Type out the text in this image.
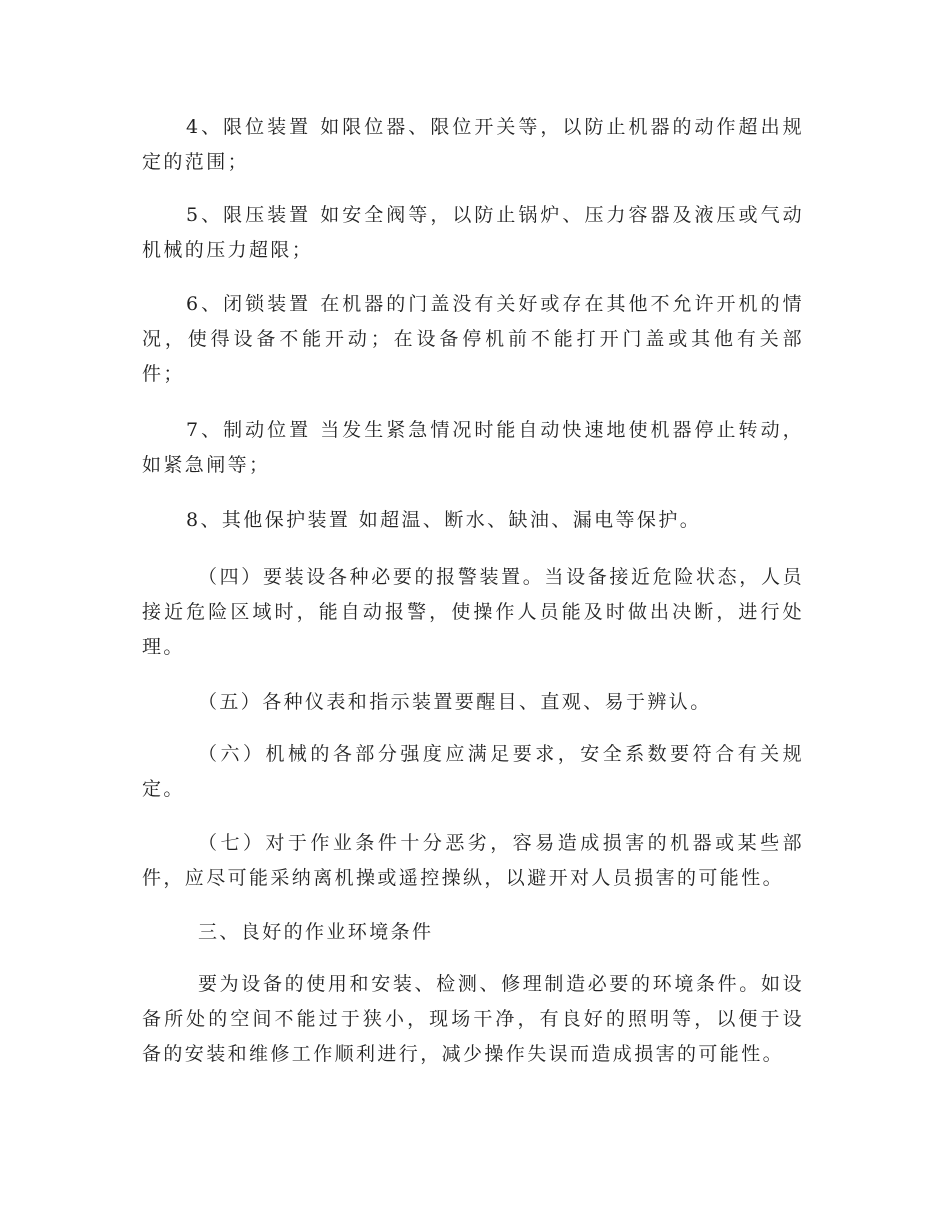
4、限位装置 如限位器、限位开关等，以防止机器的动作超出规定的范围；

5、限压装置 如安全阀等，以防止锅炉、压力容器及液压或气动机械的压力超限；

6、闭锁装置 在机器的门盖没有关好或存在其他不允许开机的情况，使得设备不能开动；在设备停机前不能打开门盖或其他有关部件；

7、制动位置 当发生紧急情况时能自动快速地使机器停止转动，如紧急闸等；

8、其他保护装置 如超温、断水、缺油、漏电等保护。

（四）要装设各种必要的报警装置。当设备接近危险状态，人员接近危险区域时，能自动报警，使操作人员能及时做出决断，进行处理。

（五）各种仪表和指示装置要醒目、直观、易于辨认。

（六）机械的各部分强度应满足要求，安全系数要符合有关规定。

（七）对于作业条件十分恶劣，容易造成损害的机器或某些部件，应尽可能采纳离机操或遥控操纵，以避开对人员损害的可能性。

三、良好的作业环境条件

要为设备的使用和安装、检测、修理制造必要的环境条件。如设备所处的空间不能过于狭小，现场干净，有良好的照明等，以便于设备的安装和维修工作顺利进行，减少操作失误而造成损害的可能性。
